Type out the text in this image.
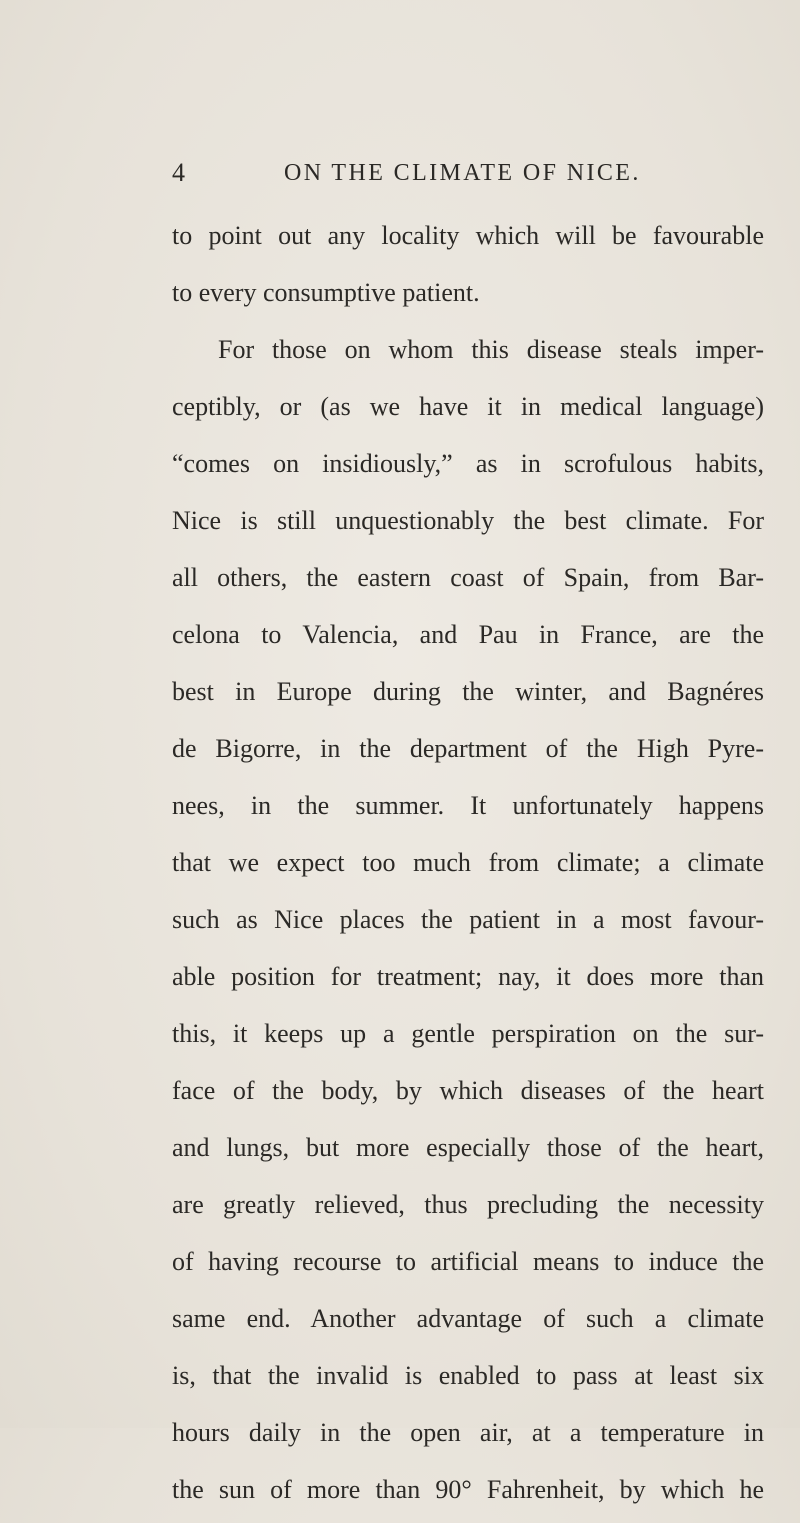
4	ON THE CLIMATE OF NICE.
to point out any locality which will be favourable
to every consumptive patient.
For those on whom this disease steals imper-
ceptibly, or (as we have it in medical language)
“comes on insidiously,” as in scrofulous habits,
Nice is still unquestionably the best climate. For
all others, the eastern coast of Spain, from Bar-
celona to Valencia, and Pau in France, are the
best in Europe during the winter, and Bagnéres
de Bigorre, in the department of the High Pyre-
nees, in the summer. It unfortunately happens
that we expect too much from climate; a climate
such as Nice places the patient in a most favour-
able position for treatment; nay, it does more than
this, it keeps up a gentle perspiration on the sur-
face of the body, by which diseases of the heart
and lungs, but more especially those of the heart,
are greatly relieved, thus precluding the necessity
of having recourse to artificial means to induce the
same end. Another advantage of such a climate
is, that the invalid is enabled to pass at least six
hours daily in the open air, at a temperature in
the sun of more than 90° Fahrenheit, by which he
